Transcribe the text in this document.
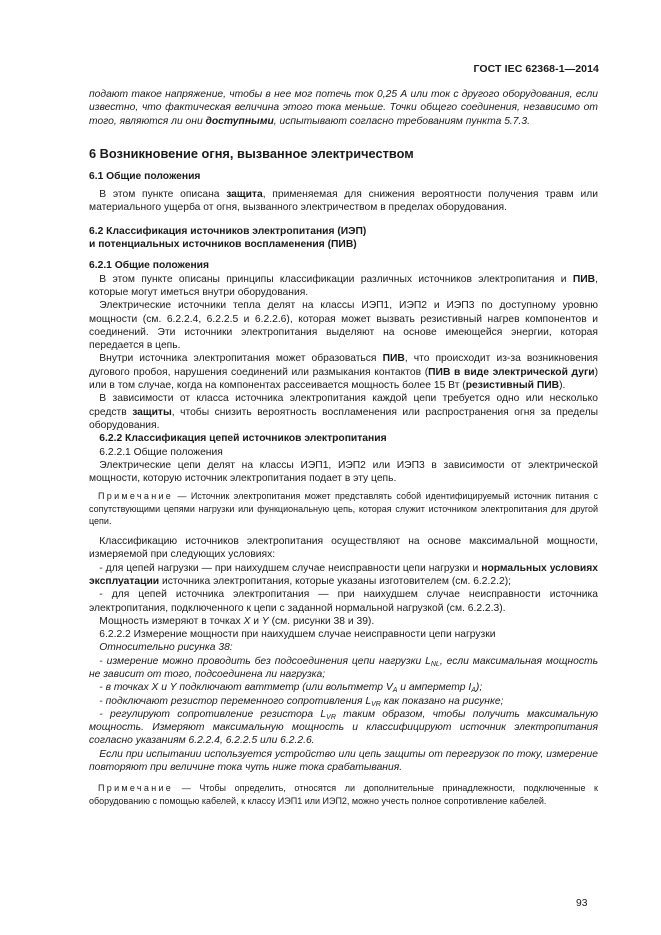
ГОСТ IEC 62368-1—2014

подают такое напряжение, чтобы в нее мог потечь ток 0,25 А или ток с другого оборудования, если известно, что фактическая величина этого тока меньше. Точки общего соединения, независимо от того, являются ли они доступными, испытывают согласно требованиям пункта 5.7.3.

6 Возникновение огня, вызванное электричеством

6.1 Общие положения

 В этом пункте описана защита, применяемая для снижения вероятности получения травм или материального ущерба от огня, вызванного электричеством в пределах оборудования.

6.2 Классификация источников электропитания (ИЭП)

и потенциальных источников воспламенения (ПИВ)

6.2.1 Общие положения

 В этом пункте описаны принципы классификации различных источников электропитания и ПИВ, которые могут иметься внутри оборудования.

 Электрические источники тепла делят на классы ИЭП1, ИЭП2 и ИЭП3 по доступному уровню мощности (см. 6.2.2.4, 6.2.2.5 и 6.2.2.6), которая может вызвать резистивный нагрев компонентов и соединений. Эти источники электропитания выделяют на основе имеющейся энергии, которая передается в цепь.

 Внутри источника электропитания может образоваться ПИВ, что происходит из-за возникновения дугового пробоя, нарушения соединений или размыкания контактов (ПИВ в виде электрической дуги) или в том случае, когда на компонентах рассеивается мощность более 15 Вт (резистивный ПИВ).

 В зависимости от класса источника электропитания каждой цепи требуется одно или несколько средств защиты, чтобы снизить вероятность воспламенения или распространения огня за пределы оборудования.

 6.2.2 Классификация цепей источников электропитания

 6.2.2.1 Общие положения

 Электрические цепи делят на классы ИЭП1, ИЭП2 или ИЭП3 в зависимости от электрической мощности, которую источник электропитания подает в эту цепь.

 Примечание — Источник электропитания может представлять собой идентифицируемый источник питания с сопутствующими цепями нагрузки или функциональную цепь, которая служит источником электропитания для другой цепи.

 Классификацию источников электропитания осуществляют на основе максимальной мощности, измеряемой при следующих условиях:

 - для цепей нагрузки — при наихудшем случае неисправности цепи нагрузки и нормальных условиях эксплуатации источника электропитания, которые указаны изготовителем (см. 6.2.2.2);

 - для цепей источника электропитания — при наихудшем случае неисправности источника электропитания, подключенного к цепи с заданной нормальной нагрузкой (см. 6.2.2.3).

 Мощность измеряют в точках X и Y (см. рисунки 38 и 39).

 6.2.2.2 Измерение мощности при наихудшем случае неисправности цепи нагрузки

 Относительно рисунка 38:

 - измерение можно проводить без подсоединения цепи нагрузки $L_{NL}$, если максимальная мощность не зависит от того, подсоединена ли нагрузка;

 - в точках X и Y подключают ваттметр (или вольтметр $V_A$ и амперметр $I_A$);

 - подключают резистор переменного сопротивления $L_{VR}$ как показано на рисунке;

 - регулируют сопротивление резистора $L_{VR}$ таким образом, чтобы получить максимальную мощность. Измеряют максимальную мощность и классифицируют источник электропитания согласно указаниям 6.2.2.4, 6.2.2.5 или 6.2.2.6.

 Если при испытании используется устройство или цепь защиты от перегрузок по току, измерение повторяют при величине тока чуть ниже тока срабатывания.

 Примечание — Чтобы определить, относятся ли дополнительные принадлежности, подключенные к оборудованию с помощью кабелей, к классу ИЭП1 или ИЭП2, можно учесть полное сопротивление кабелей.

93
